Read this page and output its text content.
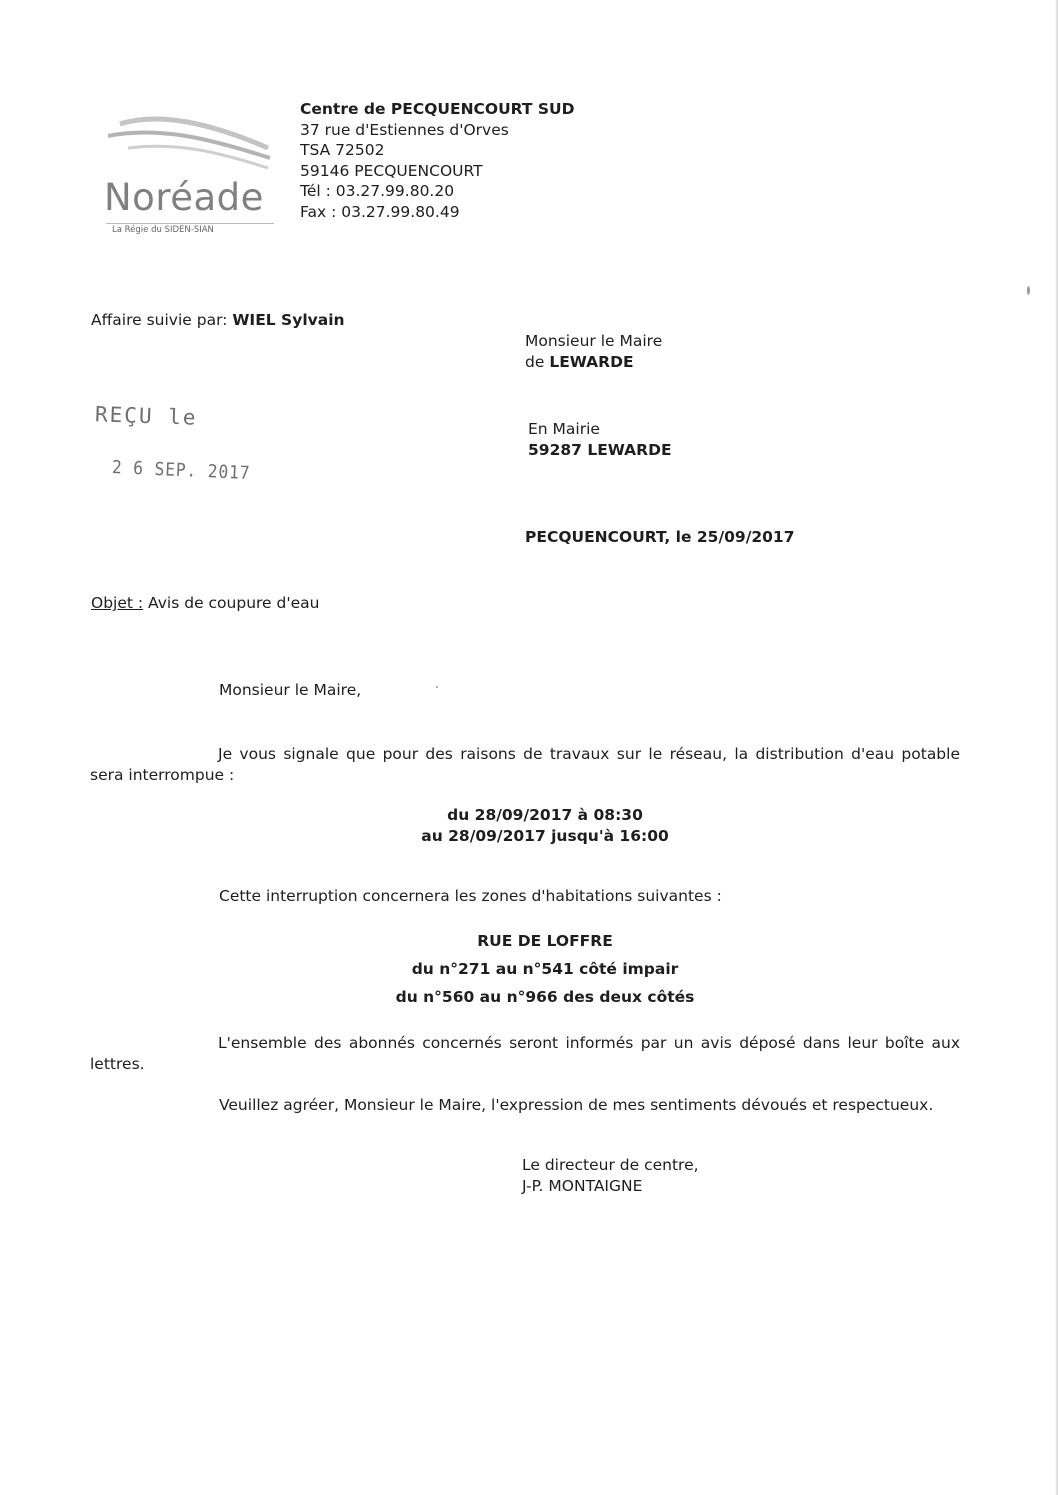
Noréade
La Régie du SIDEN-SIAN
Centre de PECQUENCOURT SUD
37 rue d'Estiennes d'Orves
TSA 72502
59146 PECQUENCOURT
Tél : 03.27.99.80.20
Fax : 03.27.99.80.49
Affaire suivie par: WIEL Sylvain
Monsieur le Maire
de LEWARDE
En Mairie
59287 LEWARDE
REÇU le
2 6 SEP. 2017
PECQUENCOURT, le 25/09/2017
Objet : Avis de coupure d'eau
Monsieur le Maire,
Je vous signale que pour des raisons de travaux sur le réseau, la distribution d'eau potable sera interrompue :
du 28/09/2017 à 08:30
au 28/09/2017 jusqu'à 16:00
Cette interruption concernera les zones d'habitations suivantes :
RUE DE LOFFRE
du n°271 au n°541 côté impair
du n°560 au n°966 des deux côtés
L'ensemble des abonnés concernés seront informés par un avis déposé dans leur boîte aux lettres.
Veuillez agréer, Monsieur le Maire, l'expression de mes sentiments dévoués et respectueux.
Le directeur de centre,
J-P. MONTAIGNE
